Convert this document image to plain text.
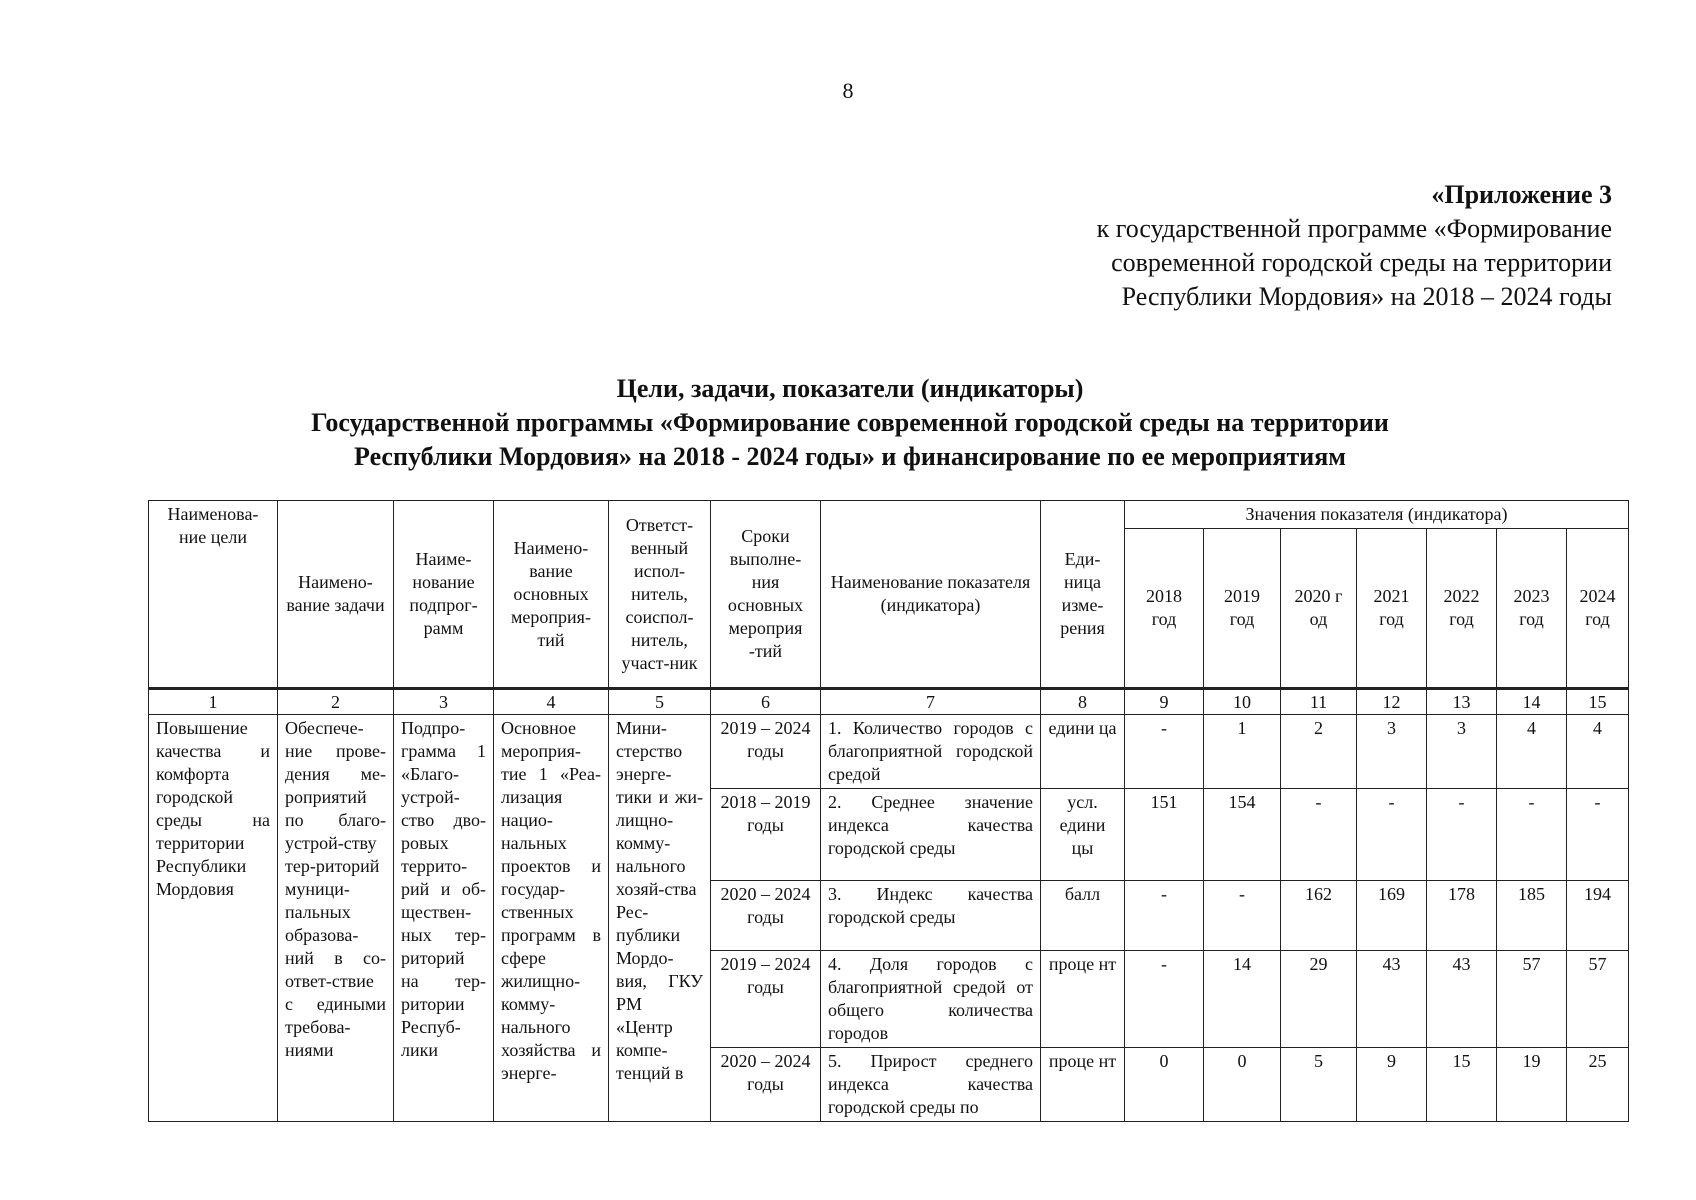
8
«Приложение 3
к государственной программе «Формирование
современной городской среды на территории
Республики Мордовия» на 2018 – 2024 годы
Цели, задачи, показатели (индикаторы)
Государственной программы «Формирование современной городской среды на территории
Республики Мордовия» на 2018 - 2024 годы» и финансирование по ее мероприятиям
Наименова-ние цели	Наимено-вание задачи	Наиме-нование подпрог-рамм	Наимено-вание основных мероприя-тий	Ответст-венный испол-нитель, соиспол-нитель, участ-ник	Сроки выполне-ния основных мероприя -тий	Наименование показателя (индикатора)	Еди-ница изме-рения	Значения показателя (индикатора)						
								2018 год	2019 год	2020 г од	2021 год	2022 год	2023 год	2024 год
1	2	3	4	5	6	7	8	9	10	11	12	13	14	15
Повышение качества и комфорта городской среды на территории Республики Мордовия	Обеспече-ние прове-дения ме-роприятий по благо-устрой-ству тер-риторий муници-пальных образова-ний в со-ответ-ствие с едиными требова-ниями	Подпро-грамма 1 «Благо-устрой-ство дво-ровых террито-рий и об-ществен-ных тер-риторий на тер-ритории Респуб-лики	Основное мероприя-тие 1 «Реа-лизация нацио-нальных проектов и государ-ственных программ в сфере жилищно-комму-нального хозяйства и энерге-	Мини-стерство энерге-тики и жи-лищно-комму-нального хозяй-ства Рес-публики Мордо-вия, ГКУ РМ «Центр компе-тенций в	2019 – 2024 годы	1. Количество городов с благоприятной городской средой	едини ца	-	1	2	3	3	4	4
					2018 – 2019 годы	2. Среднее значение индекса качества городской среды	усл. едини цы	151	154	-	-	-	-	-
					2020 – 2024 годы	3. Индекс качества городской среды	балл	-	-	162	169	178	185	194
					2019 – 2024 годы	4. Доля городов с благоприятной средой от общего количества городов	проце нт	-	14	29	43	43	57	57
					2020 – 2024 годы	5. Прирост среднего индекса качества городской среды по	проце нт	0	0	5	9	15	19	25
